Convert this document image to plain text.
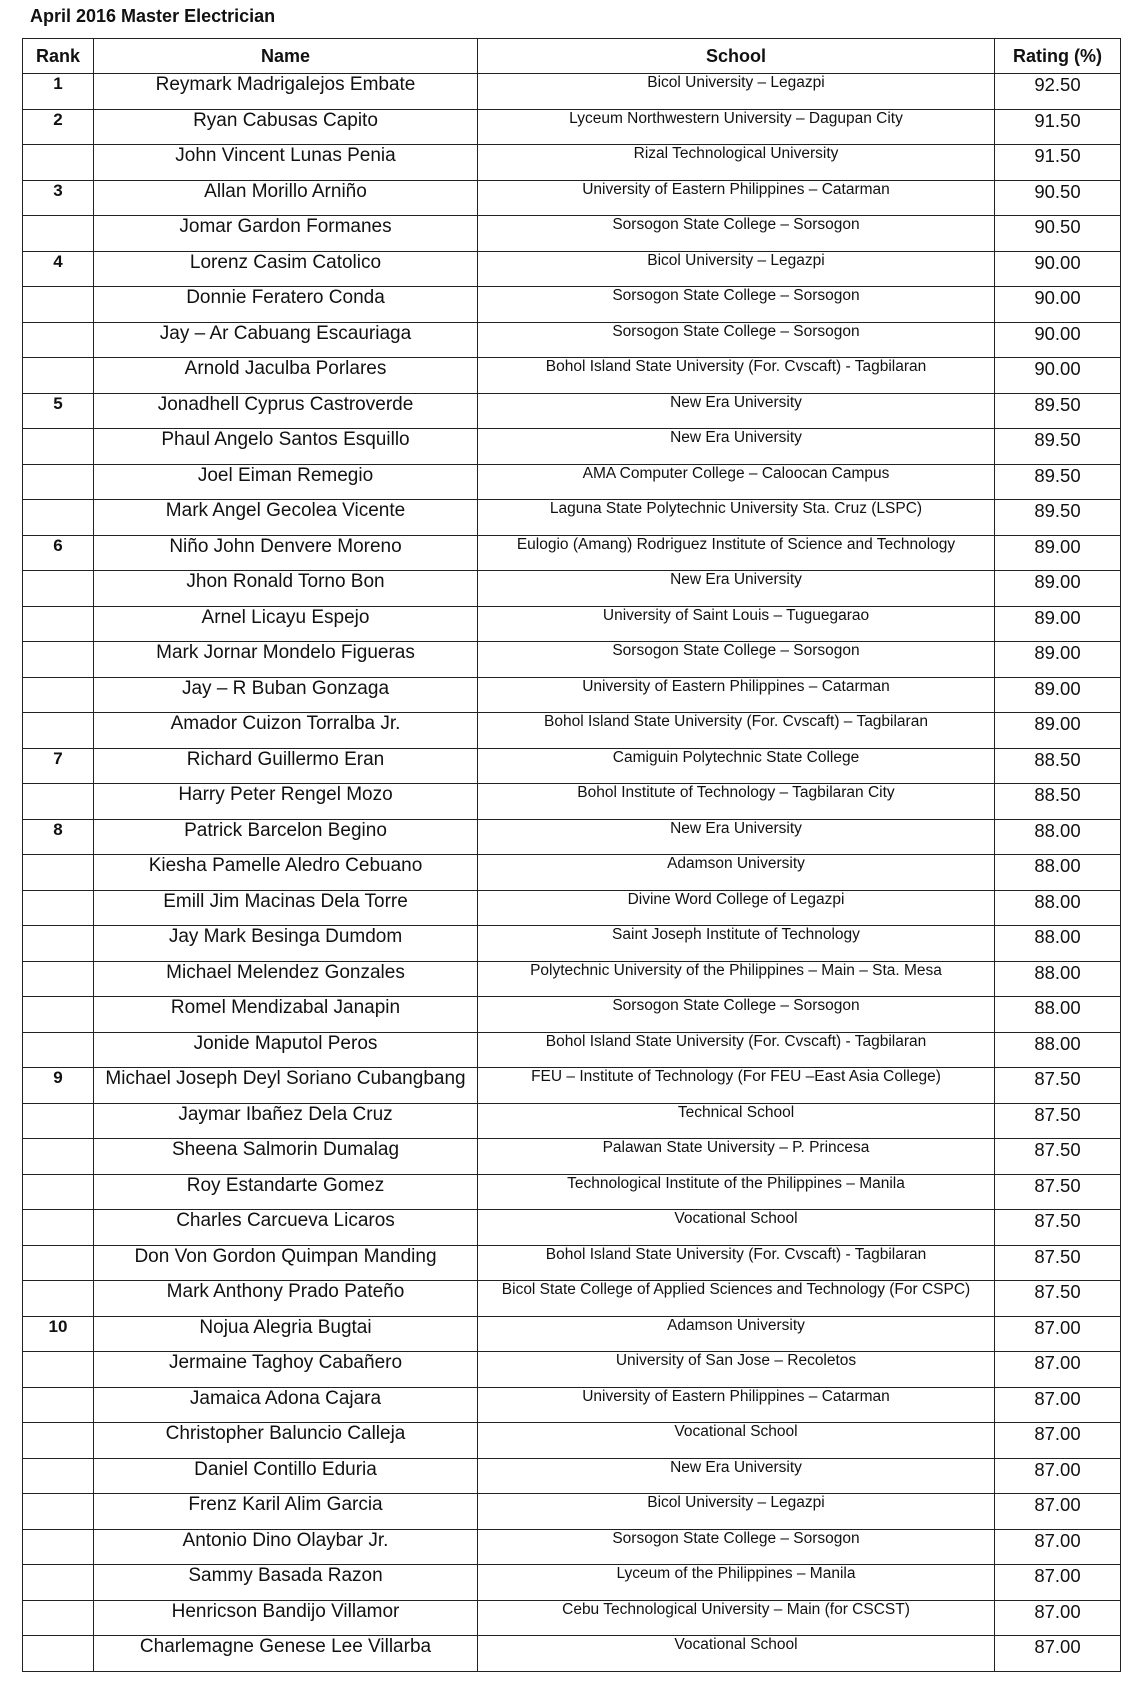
April 2016 Master Electrician
Rank	Name	School	Rating (%)
1	Reymark Madrigalejos Embate	Bicol University – Legazpi	92.50
2	Ryan Cabusas Capito	Lyceum Northwestern University – Dagupan City	91.50
	John Vincent Lunas Penia	Rizal Technological University	91.50
3	Allan Morillo Arniño	University of Eastern Philippines – Catarman	90.50
	Jomar Gardon Formanes	Sorsogon State College – Sorsogon	90.50
4	Lorenz Casim Catolico	Bicol University – Legazpi	90.00
	Donnie Feratero Conda	Sorsogon State College – Sorsogon	90.00
	Jay – Ar Cabuang Escauriaga	Sorsogon State College – Sorsogon	90.00
	Arnold Jaculba Porlares	Bohol Island State University (For. Cvscaft) - Tagbilaran	90.00
5	Jonadhell Cyprus Castroverde	New Era University	89.50
	Phaul Angelo Santos Esquillo	New Era University	89.50
	Joel Eiman Remegio	AMA Computer College – Caloocan Campus	89.50
	Mark Angel Gecolea Vicente	Laguna State Polytechnic University Sta. Cruz (LSPC)	89.50
6	Niño John Denvere Moreno	Eulogio (Amang) Rodriguez Institute of Science and Technology	89.00
	Jhon Ronald Torno Bon	New Era University	89.00
	Arnel Licayu Espejo	University of Saint Louis – Tuguegarao	89.00
	Mark Jornar Mondelo Figueras	Sorsogon State College – Sorsogon	89.00
	Jay – R Buban Gonzaga	University of Eastern Philippines – Catarman	89.00
	Amador Cuizon Torralba Jr.	Bohol Island State University (For. Cvscaft) – Tagbilaran	89.00
7	Richard Guillermo Eran	Camiguin Polytechnic State College	88.50
	Harry Peter Rengel Mozo	Bohol Institute of Technology – Tagbilaran City	88.50
8	Patrick Barcelon Begino	New Era University	88.00
	Kiesha Pamelle Aledro Cebuano	Adamson University	88.00
	Emill Jim Macinas Dela Torre	Divine Word College of Legazpi	88.00
	Jay Mark Besinga Dumdom	Saint Joseph Institute of Technology	88.00
	Michael Melendez Gonzales	Polytechnic University of the Philippines – Main – Sta. Mesa	88.00
	Romel Mendizabal Janapin	Sorsogon State College – Sorsogon	88.00
	Jonide Maputol Peros	Bohol Island State University (For. Cvscaft) - Tagbilaran	88.00
9	Michael Joseph Deyl Soriano Cubangbang	FEU – Institute of Technology (For FEU –East Asia College)	87.50
	Jaymar Ibañez Dela Cruz	Technical School	87.50
	Sheena Salmorin Dumalag	Palawan State University – P. Princesa	87.50
	Roy Estandarte Gomez	Technological Institute of the Philippines – Manila	87.50
	Charles Carcueva Licaros	Vocational School	87.50
	Don Von Gordon Quimpan Manding	Bohol Island State University (For. Cvscaft) - Tagbilaran	87.50
	Mark Anthony Prado Pateño	Bicol State College of Applied Sciences and Technology (For CSPC)	87.50
10	Nojua Alegria Bugtai	Adamson University	87.00
	Jermaine Taghoy Cabañero	University of San Jose – Recoletos	87.00
	Jamaica Adona Cajara	University of Eastern Philippines – Catarman	87.00
	Christopher Baluncio Calleja	Vocational School	87.00
	Daniel Contillo Eduria	New Era University	87.00
	Frenz Karil Alim Garcia	Bicol University – Legazpi	87.00
	Antonio Dino Olaybar Jr.	Sorsogon State College – Sorsogon	87.00
	Sammy Basada Razon	Lyceum of the Philippines – Manila	87.00
	Henricson Bandijo Villamor	Cebu Technological University – Main (for CSCST)	87.00
	Charlemagne Genese Lee Villarba	Vocational School	87.00
